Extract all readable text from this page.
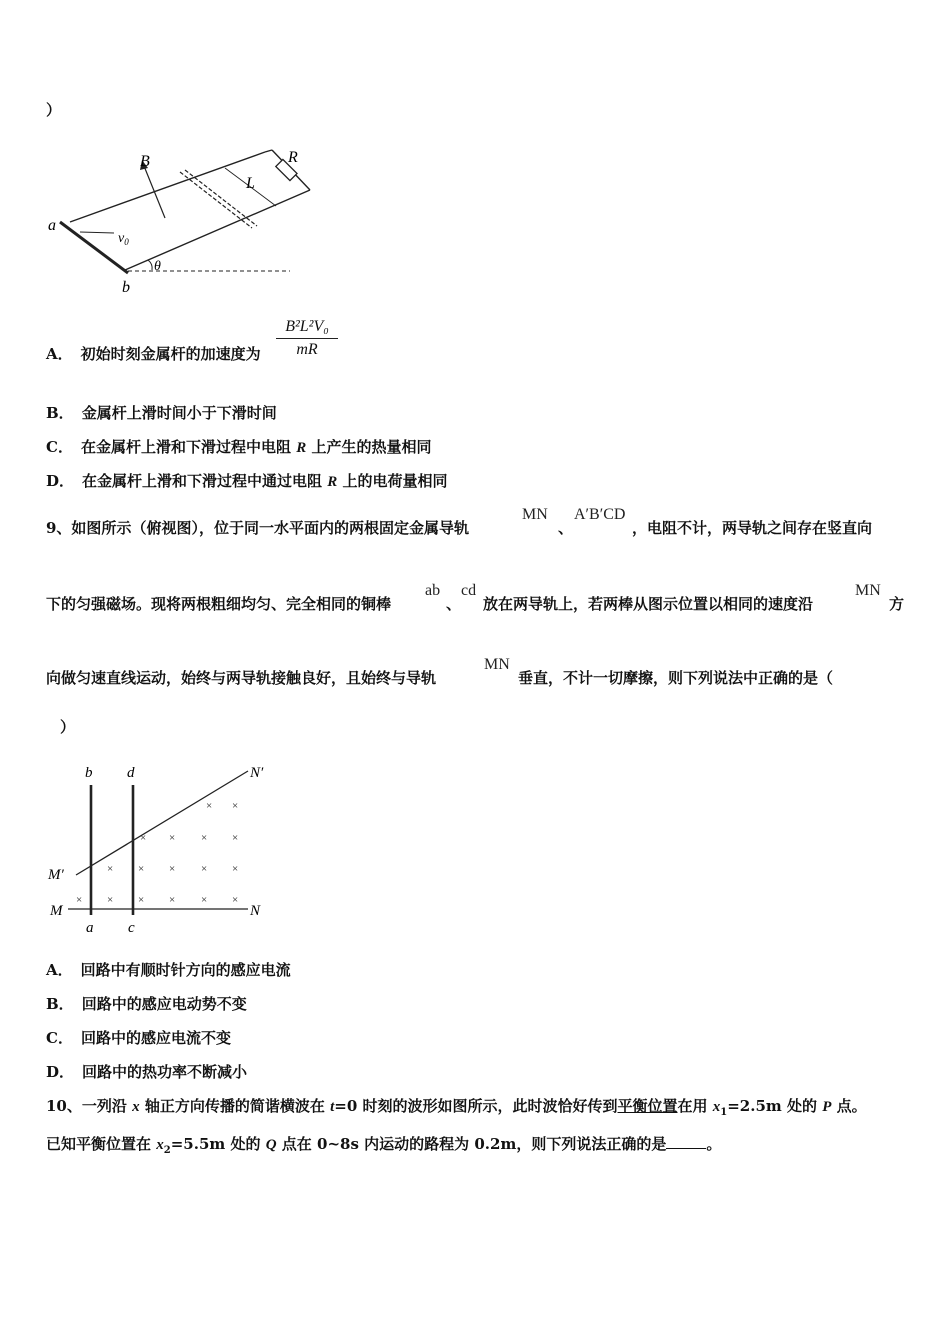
）
B	R
L
a
b
$v_0$
θ
A． 初始时刻金属杆的加速度为 $\frac{\text{B²L²V₀}}{mR}$
B． 金属杆上滑时间小于下滑时间
C． 在金属杆上滑和下滑过程中电阻 R 上产生的热量相同
D． 在金属杆上滑和下滑过程中通过电阻 R 上的电荷量相同
9、如图所示（俯视图），位于同一水平面内的两根固定金属导轨
MN
、
A′B′CD
，电阻不计，两导轨之间存在竖直向
下的匀强磁场。现将两根粗细均匀、完全相同的铜棒
ab
、
cd
放在两导轨上，若两棒从图示位置以相同的速度沿
MN
方
向做匀速直线运动，始终与两导轨接触良好，且始终与导轨
MN
垂直，不计一切摩擦，则下列说法中正确的是（
）
× ×
× × × ×
× × × × ×
× × × × × ×
b d	N′
M′
M	N
a c
A． 回路中有顺时针方向的感应电流
B． 回路中的感应电动势不变
C． 回路中的感应电流不变
D． 回路中的热功率不断减小
10、一列沿 x 轴正方向传播的简谐横波在 t=0 时刻的波形如图所示，此时波恰好传到平衡位置在用 $x_1=2.5m$ 处的 P 点。
已知平衡位置在 $x_2=5.5m$ 处的 Q 点在 0~8s 内运动的路程为 0.2m，则下列说法正确的是	。
